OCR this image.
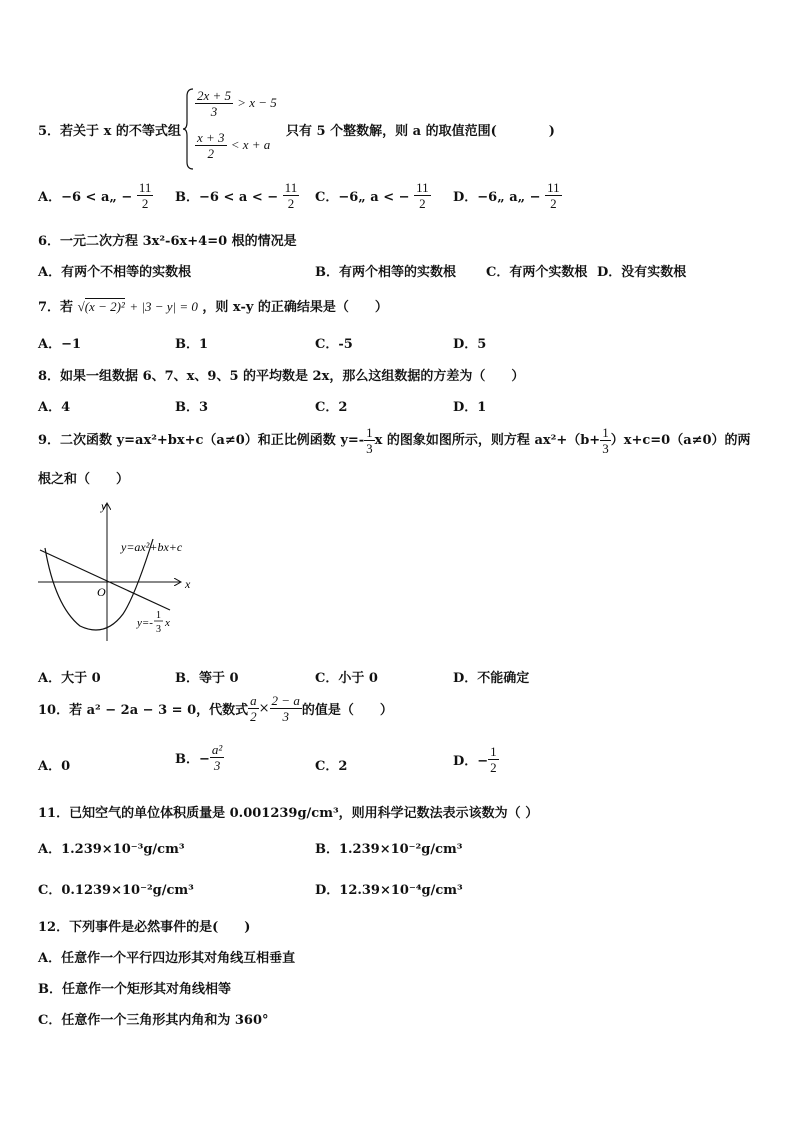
5．若关于 x 的不等式组
$\frac{2x + 5}{3} > x - 5$
$\frac{x + 3}{2} < x + a$
只有 5 个整数解，则 a 的取值范围(　　　　)
A．−6 < a„ − $\frac{11}{2}$ B．−6 < a < − $\frac{11}{2}$ C．−6„ a < − $\frac{11}{2}$ D．−6„ a„ − $\frac{11}{2}$
6．一元二次方程 3x²-6x+4=0 根的情况是
A．有两个不相等的实数根	B．有两个相等的实数根 C．有两个实数根 D．没有实数根
7．若 √(x − 2)² + |3 − y| = 0 ，则 x-y 的正确结果是（　　）
A．−1	B．1	C．-5	D．5
8．如果一组数据 6、7、x、9、5 的平均数是 2x，那么这组数据的方差为（　　）
A．4	B．3	C．2	D．1
9．二次函数 y=ax²+bx+c（a≠0）和正比例函数 $y=- \frac{1}{3}$ x 的图象如图所示，则方程 $ax^2+(b+ \frac{1}{3} )x+c=0(a\ne 0)$的两
根之和（　　）
y
x
O
y=ax²+bx+c
y=-
1
3
x
A．大于 0	B．等于 0	C．小于 0	D．不能确定
10．若 a² − 2a − 3 = 0，代数式 $\frac{a}{2} \times \frac{2 - a}{3}$ 的值是（　　）
A．0	B．− $\frac{\text{a²}}{3}$	C．2	D．− $\frac{1}{2}$
11．已知空气的单位体积质量是 0.001239g/cm³，则用科学记数法表示该数为（ ）
A．1.239×10⁻³g/cm³	B．1.239×10⁻²g/cm³
C．0.1239×10⁻²g/cm³	D．12.39×10⁻⁴g/cm³
12．下列事件是必然事件的是(　　)
A．任意作一个平行四边形其对角线互相垂直
B．任意作一个矩形其对角线相等
C．任意作一个三角形其内角和为 360°
